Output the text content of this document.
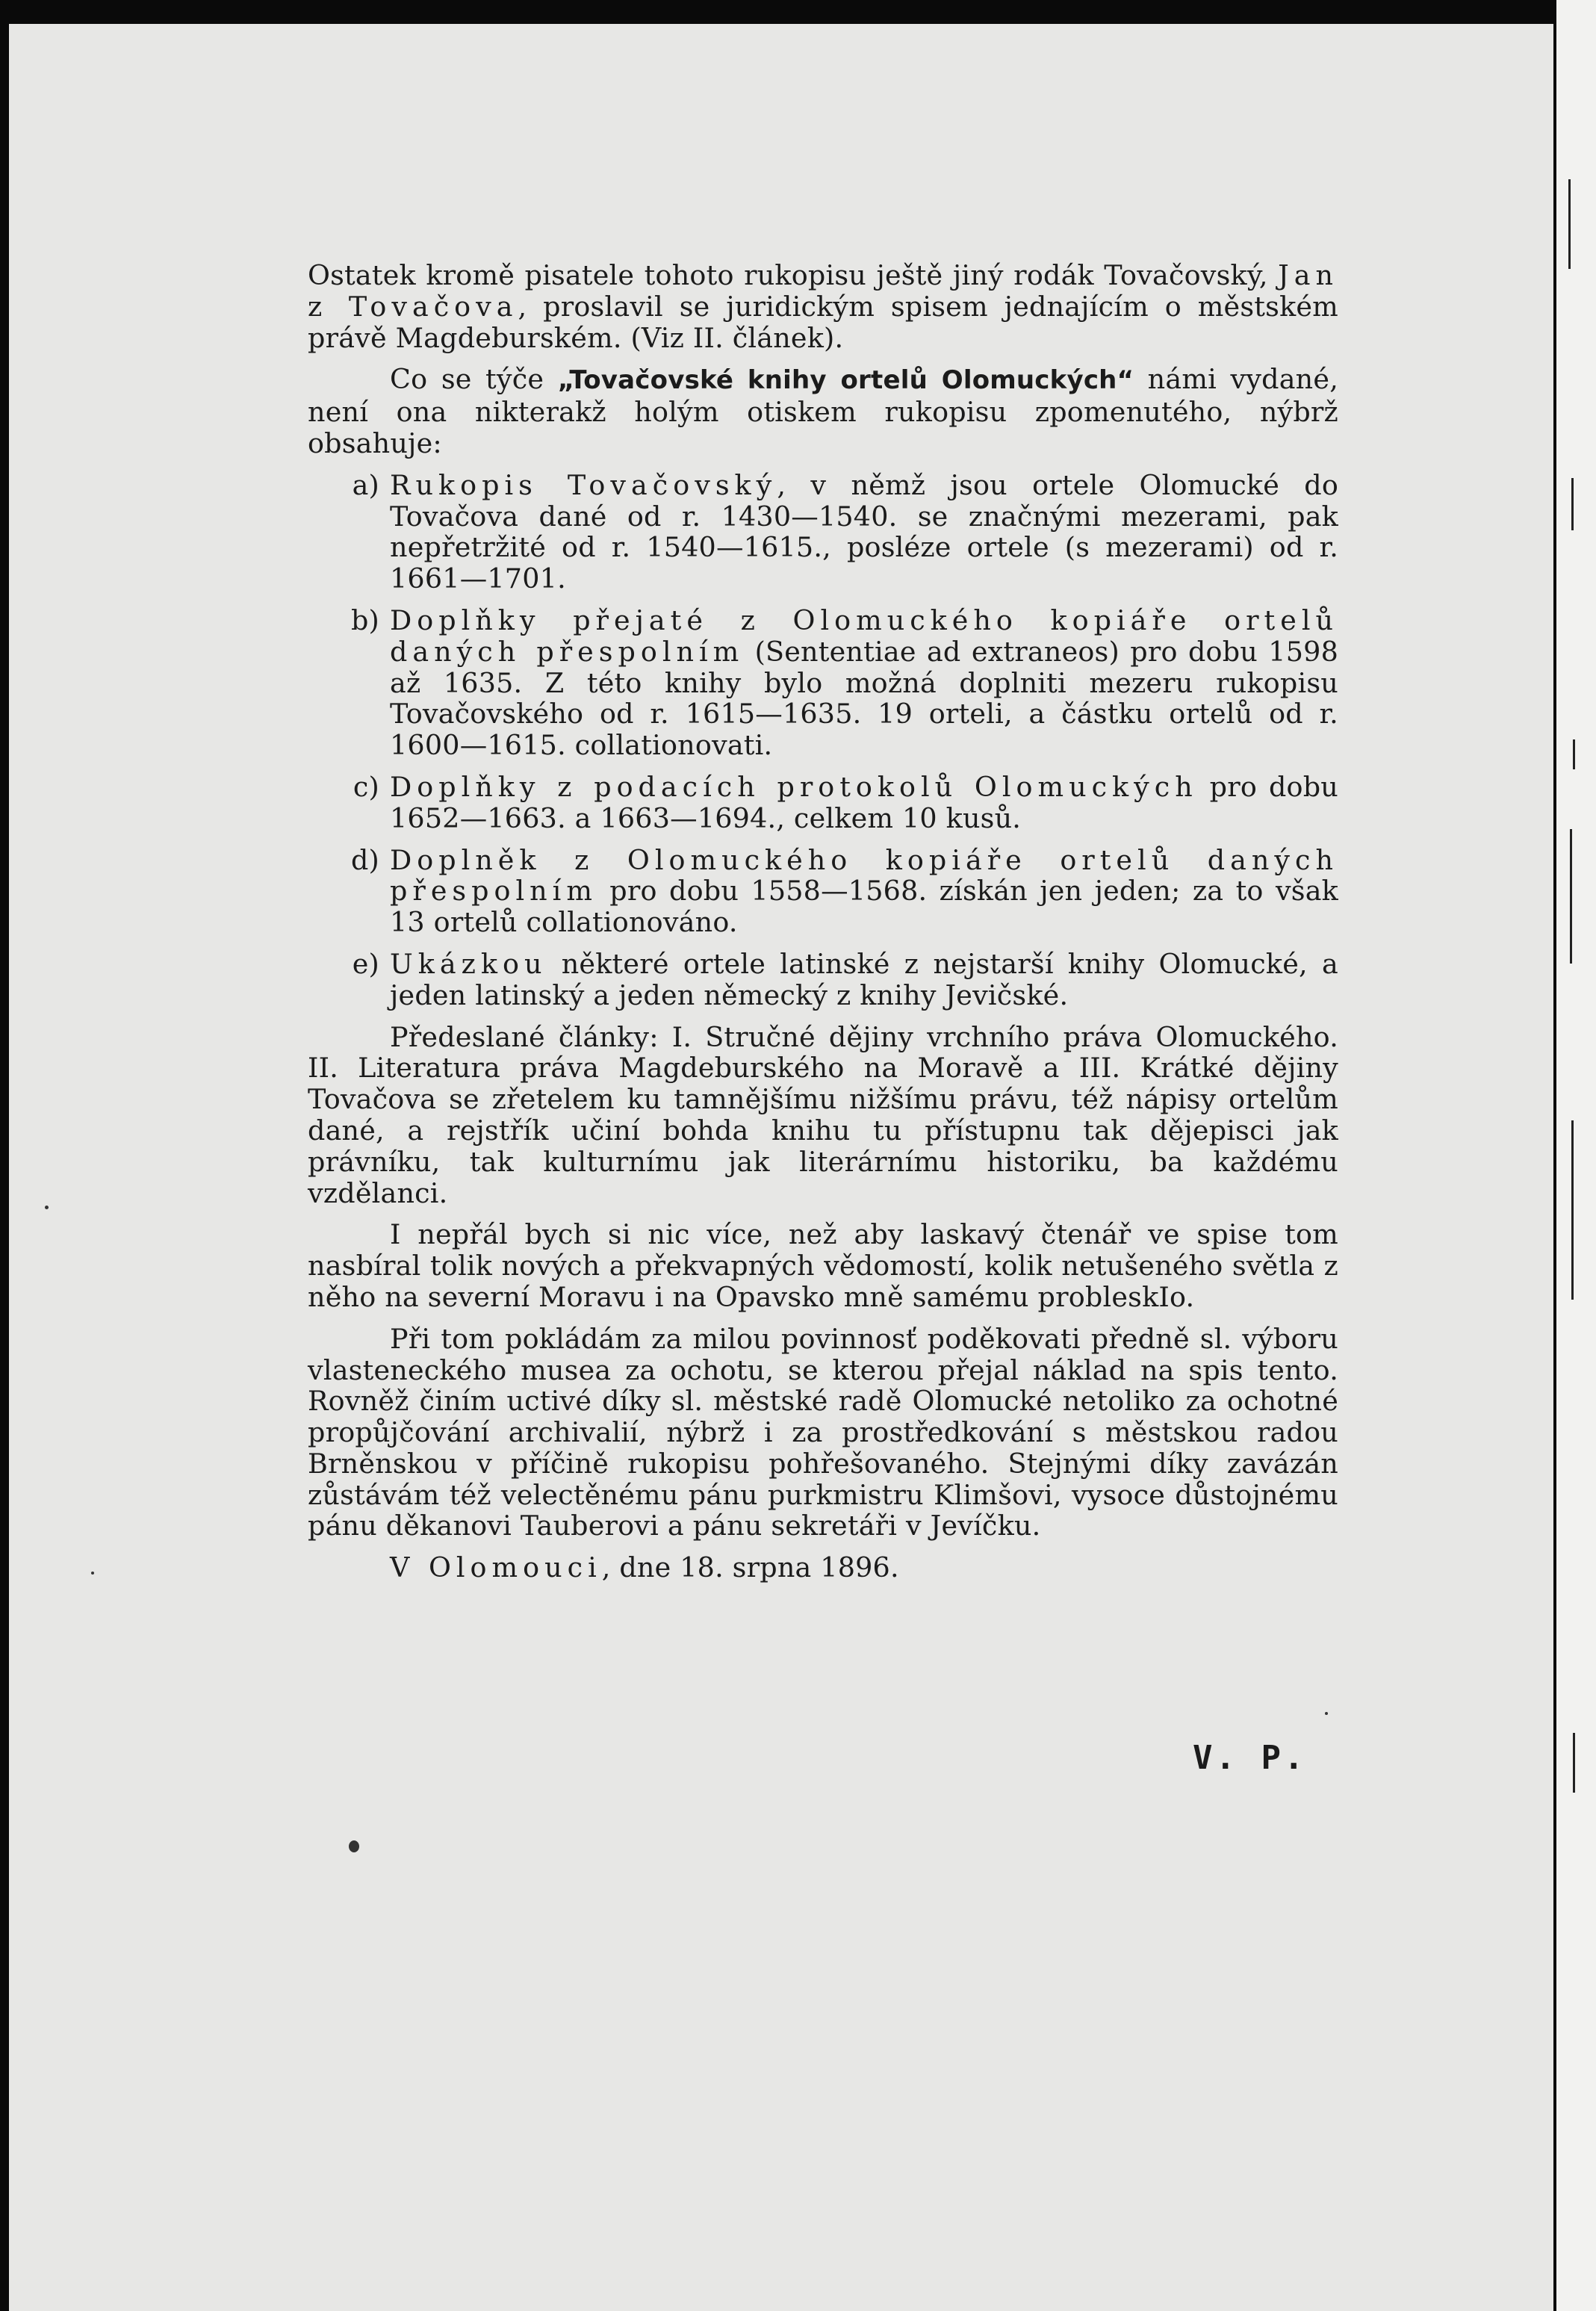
Ostatek kromě pisatele tohoto rukopisu ještě jiný rodák Tovačovský, Jan z Tovačova, proslavil se juridickým spisem jednajícím o městském právě Magdeburském. (Viz II. článek).

Co se týče „Tovačovské knihy ortelů Olomuckých“ námi vydané, není ona nikterakž holým otiskem rukopisu zpomenutého, nýbrž obsahuje:

a) Rukopis Tovačovský, v němž jsou ortele Olomucké do Tovačova dané od r. 1430—1540. se značnými mezerami, pak nepřetržité od r. 1540—1615., posléze ortele (s mezerami) od r. 1661—1701.
b) Doplňky přejaté z Olomuckého kopiáře ortelů daných přespolním (Sententiae ad extraneos) pro dobu 1598 až 1635. Z této knihy bylo možná doplniti mezeru rukopisu Tovačovského od r. 1615—1635. 19 orteli, a částku ortelů od r. 1600—1615. collationovati.
c) Doplňky z podacích protokolů Olomuckých pro dobu 1652—1663. a 1663—1694., celkem 10 kusů.
d) Doplněk z Olomuckého kopiáře ortelů daných přespolním pro dobu 1558—1568. získán jen jeden; za to však 13 ortelů collationováno.
e) Ukázkou některé ortele latinské z nejstarší knihy Olomucké, a jeden latinský a jeden německý z knihy Jevičské.

Předeslané články: I. Stručné dějiny vrchního práva Olomuckého. II. Literatura práva Magdeburského na Moravě a III. Krátké dějiny Tovačova se zřetelem ku tamnějšímu nižšímu právu, též nápisy ortelům dané, a rejstřík učiní bohda knihu tu přístupnu tak dějepisci jak právníku, tak kulturnímu jak literárnímu historiku, ba každému vzdělanci.

I nepřál bych si nic více, než aby laskavý čtenář ve spise tom nasbíral tolik nových a překvapných vědomostí, kolik netušeného světla z něho na severní Moravu i na Opavsko mně samému probleskIo.

Při tom pokládám za milou povinnosť poděkovati předně sl. výboru vlasteneckého musea za ochotu, se kterou přejal náklad na spis tento. Rovněž činím uctivé díky sl. městské radě Olomucké netoliko za ochotné propůjčování archivalií, nýbrž i za prostředkování s městskou radou Brněnskou v příčině rukopisu pohřešovaného. Stejnými díky zavázán zůstávám též velectěnému pánu purkmistru Klimšovi, vysoce důstojnému pánu děkanovi Tauberovi a pánu sekretáři v Jevíčku.

V Olomouci, dne 18. srpna 1896.

V. P.
